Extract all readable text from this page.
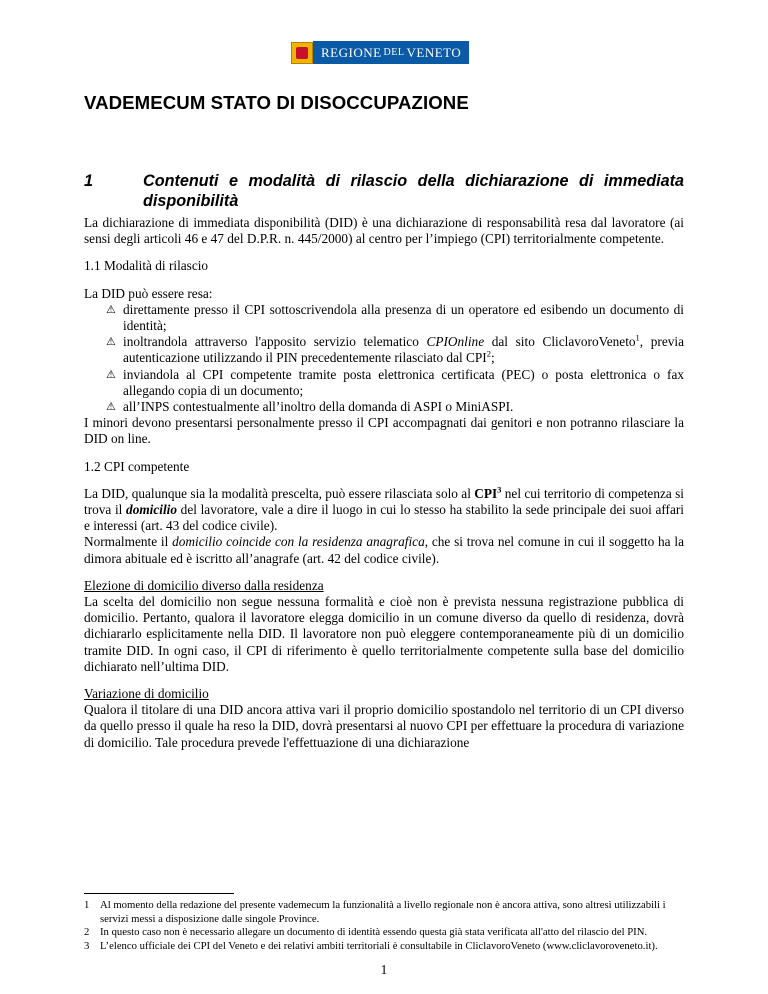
REGIONE DEL VENETO
VADEMECUM STATO DI DISOCCUPAZIONE
1	Contenuti e modalità di rilascio della dichiarazione di immediata disponibilità

La dichiarazione di immediata disponibilità (DID) è una dichiarazione di responsabilità resa dal lavoratore (ai sensi degli articoli 46 e 47 del D.P.R. n. 445/2000) al centro per l’impiego (CPI) territorialmente competente.

1.1 Modalità di rilascio

La DID può essere resa:

⚠ direttamente presso il CPI sottoscrivendola alla presenza di un operatore ed esibendo un documento di identità;
⚠ inoltrandola attraverso l'apposito servizio telematico CPIOnline dal sito CliclavoroVeneto$^1$, previa autenticazione utilizzando il PIN precedentemente rilasciato dal CPI$^2$;
⚠ inviandola al CPI competente tramite posta elettronica certificata (PEC) o posta elettronica o fax allegando copia di un documento;
⚠ all’INPS contestualmente all’inoltro della domanda di ASPI o MiniASPI.

I minori devono presentarsi personalmente presso il CPI accompagnati dai genitori e non potranno rilasciare la DID on line.

1.2 CPI competente

La DID, qualunque sia la modalità prescelta, può essere rilasciata solo al CPI$^3$ nel cui territorio di competenza si trova il domicilio del lavoratore, vale a dire il luogo in cui lo stesso ha stabilito la sede principale dei suoi affari e interessi (art. 43 del codice civile).

Normalmente il domicilio coincide con la residenza anagrafica, che si trova nel comune in cui il soggetto ha la dimora abituale ed è iscritto all’anagrafe (art. 42 del codice civile).

Elezione di domicilio diverso dalla residenza

La scelta del domicilio non segue nessuna formalità e cioè non è prevista nessuna registrazione pubblica di domicilio. Pertanto, qualora il lavoratore elegga domicilio in un comune diverso da quello di residenza, dovrà dichiararlo esplicitamente nella DID. Il lavoratore non può eleggere contemporaneamente più di un domicilio tramite DID. In ogni caso, il CPI di riferimento è quello territorialmente competente sulla base del domicilio dichiarato nell’ultima DID.

Variazione di domicilio

Qualora il titolare di una DID ancora attiva vari il proprio domicilio spostandolo nel territorio di un CPI diverso da quello presso il quale ha reso la DID, dovrà presentarsi al nuovo CPI per effettuare la procedura di variazione di domicilio. Tale procedura prevede l'effettuazione di una dichiarazione

1 Al momento della redazione del presente vademecum la funzionalità a livello regionale non è ancora attiva, sono altresì utilizzabili i servizi messi a disposizione dalle singole Province.
2 In questo caso non è necessario allegare un documento di identità essendo questa già stata verificata all'atto del rilascio del PIN.
3 L’elenco ufficiale dei CPI del Veneto e dei relativi ambiti territoriali è consultabile in CliclavoroVeneto (www.cliclavoroveneto.it).
1
